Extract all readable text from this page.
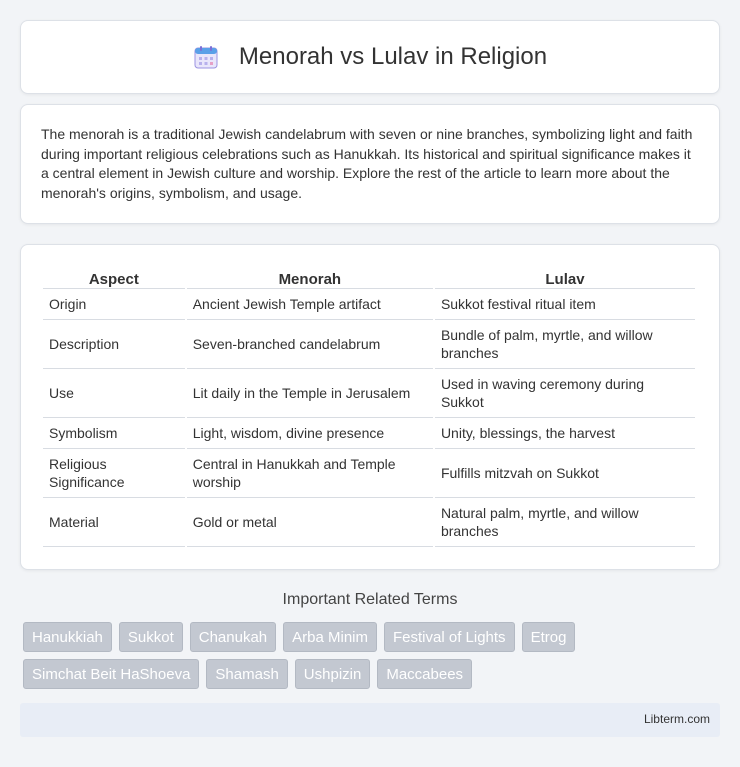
Menorah vs Lulav in Religion

The menorah is a traditional Jewish candelabrum with seven or nine branches, symbolizing light and faith during important religious celebrations such as Hanukkah. Its historical and spiritual significance makes it a central element in Jewish culture and worship. Explore the rest of the article to learn more about the menorah's origins, symbolism, and usage.

Aspect	Menorah	Lulav
Origin	Ancient Jewish Temple artifact	Sukkot festival ritual item
Description	Seven-branched candelabrum	Bundle of palm, myrtle, and willow branches
Use	Lit daily in the Temple in Jerusalem	Used in waving ceremony during Sukkot
Symbolism	Light, wisdom, divine presence	Unity, blessings, the harvest
Religious Significance	Central in Hanukkah and Temple worship	Fulfills mitzvah on Sukkot
Material	Gold or metal	Natural palm, myrtle, and willow branches
Important Related Terms
Hanukkiah	Sukkot	Chanukah	Arba Minim	Festival of Lights	Etrog
Simchat Beit HaShoeva	Shamash	Ushpizin	Maccabees
Libterm.com
